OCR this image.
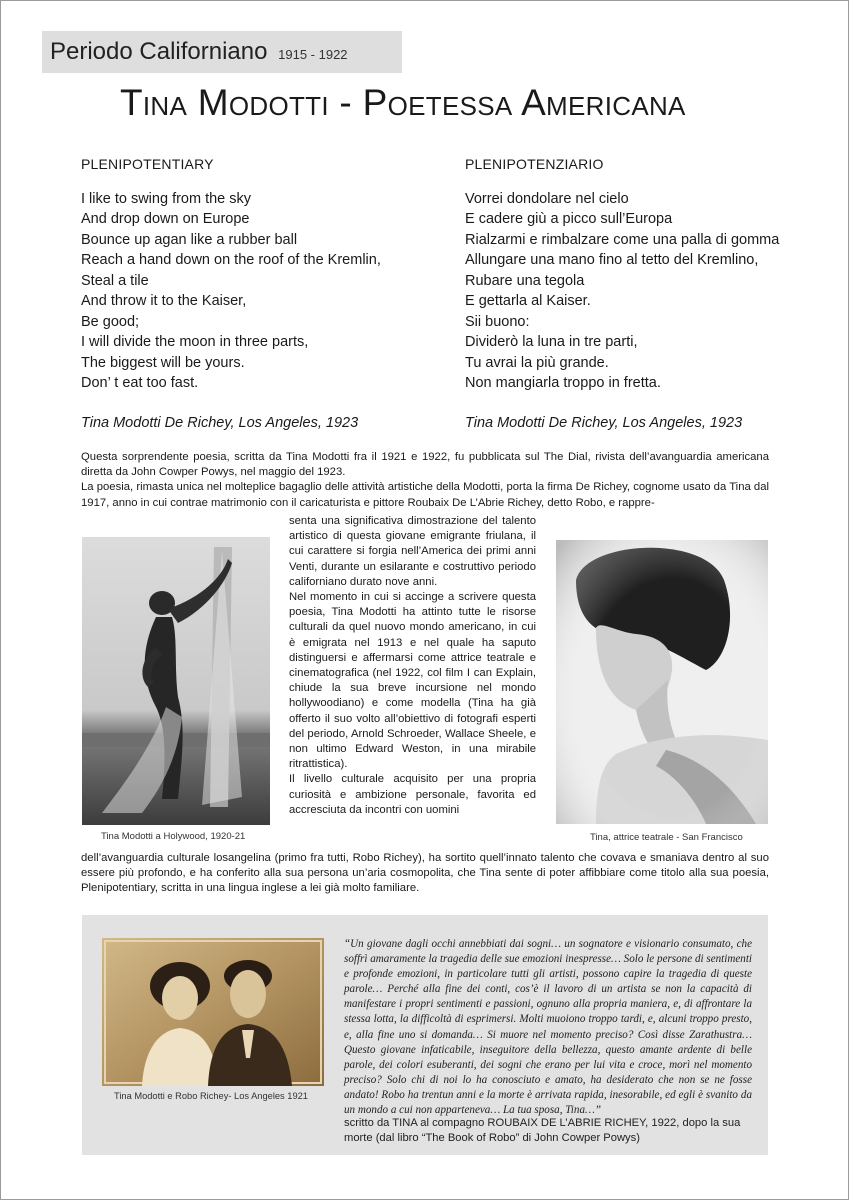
Periodo Californiano 1915 - 1922
Tina Modotti - Poetessa Americana
PLENIPOTENTIARY
I like to swing from the sky
And drop down on Europe
Bounce up agan like a rubber ball
Reach a hand down on the roof of the Kremlin,
Steal a tile
And throw it to the Kaiser,
Be good;
I will divide the moon in three parts,
The biggest will be yours.
Don’ t eat too fast.
Tina Modotti De Richey, Los Angeles, 1923
PLENIPOTENZIARIO
Vorrei dondolare nel cielo
E cadere giù a picco sull’Europa
Rialzarmi e rimbalzare come una palla di gomma
Allungare una mano fino al tetto del Kremlino,
Rubare una tegola
E gettarla al Kaiser.
Sii buono:
Dividerò la luna in tre parti,
Tu avrai la più grande.
Non mangiarla troppo in fretta.
Tina Modotti De Richey, Los Angeles, 1923

Questa sorprendente poesia, scritta da Tina Modotti fra il 1921 e 1922, fu pubblicata sul The Dial, rivista dell’avanguardia americana diretta da John Cowper Powys, nel maggio del 1923.

La poesia, rimasta unica nel molteplice bagaglio delle attività artistiche della Modotti, porta la firma De Richey, cognome usato da Tina dal 1917, anno in cui contrae matrimonio con il caricaturista e pittore Roubaix De L’Abrie Richey, detto Robo, e rappre-

Tina Modotti a Holywood, 1920-21

senta una significativa dimostrazione del talento artistico di questa giovane emigrante friulana, il cui carattere si forgia nell’America dei primi anni Venti, durante un esilarante e costruttivo periodo californiano durato nove anni.

Nel momento in cui si accinge a scrivere questa poesia, Tina Modotti ha attinto tutte le risorse culturali da quel nuovo mondo americano, in cui è emigrata nel 1913 e nel quale ha saputo distinguersi e affermarsi come attrice teatrale e cinematografica (nel 1922, col film I can Explain, chiude la sua breve incursione nel mondo hollywoodiano) e come modella (Tina ha già offerto il suo volto all’obiettivo di fotografi esperti del periodo, Arnold Schroeder, Wallace Sheele, e non ultimo Edward Weston, in una mirabile ritrattistica).

Il livello culturale acquisito per una propria curiosità e ambizione personale, favorita ed accresciuta da incontri con uomini

Tina, attrice teatrale - San Francisco
dell’avanguardia culturale losangelina (primo fra tutti, Robo Richey), ha sortito quell’innato talento che covava e smaniava dentro al suo essere più profondo, e ha conferito alla sua persona un’aria cosmopolita, che Tina sente di poter affibbiare come titolo alla sua poesia, Plenipotentiary, scritta in una lingua inglese a lei già molto familiare.
Tina Modotti e Robo Richey- Los Angeles 1921
“Un giovane dagli occhi annebbiati dai sogni… un sognatore e visionario consumato, che soffrì amaramente la tragedia delle sue emozioni inespresse… Solo le persone di sentimenti e profonde emozioni, in particolare tutti gli artisti, possono capire la tragedia di queste parole… Perché alla fine dei conti, cos’è il lavoro di un artista se non la capacità di manifestare i propri sentimenti e passioni, ognuno alla propria maniera, e, di affrontare la stessa lotta, la difficoltà di esprimersi. Molti muoiono troppo tardi, e, alcuni troppo presto, e, alla fine uno si domanda… Si muore nel momento preciso? Così disse Zarathustra… Questo giovane infaticabile, inseguitore della bellezza, questo amante ardente di belle parole, dei colori esuberanti, dei sogni che erano per lui vita e croce, morì nel momento preciso? Solo chi di noi lo ha conosciuto e amato, ha desiderato che non se ne fosse andato! Robo ha trentun anni e la morte è arrivata rapida, inesorabile, ed egli è svanito da un mondo a cui non apparteneva… La tua sposa, Tina…”
scritto da TINA al compagno ROUBAIX DE L’ABRIE RICHEY, 1922, dopo la sua morte (dal libro “The Book of Robo” di John Cowper Powys)
